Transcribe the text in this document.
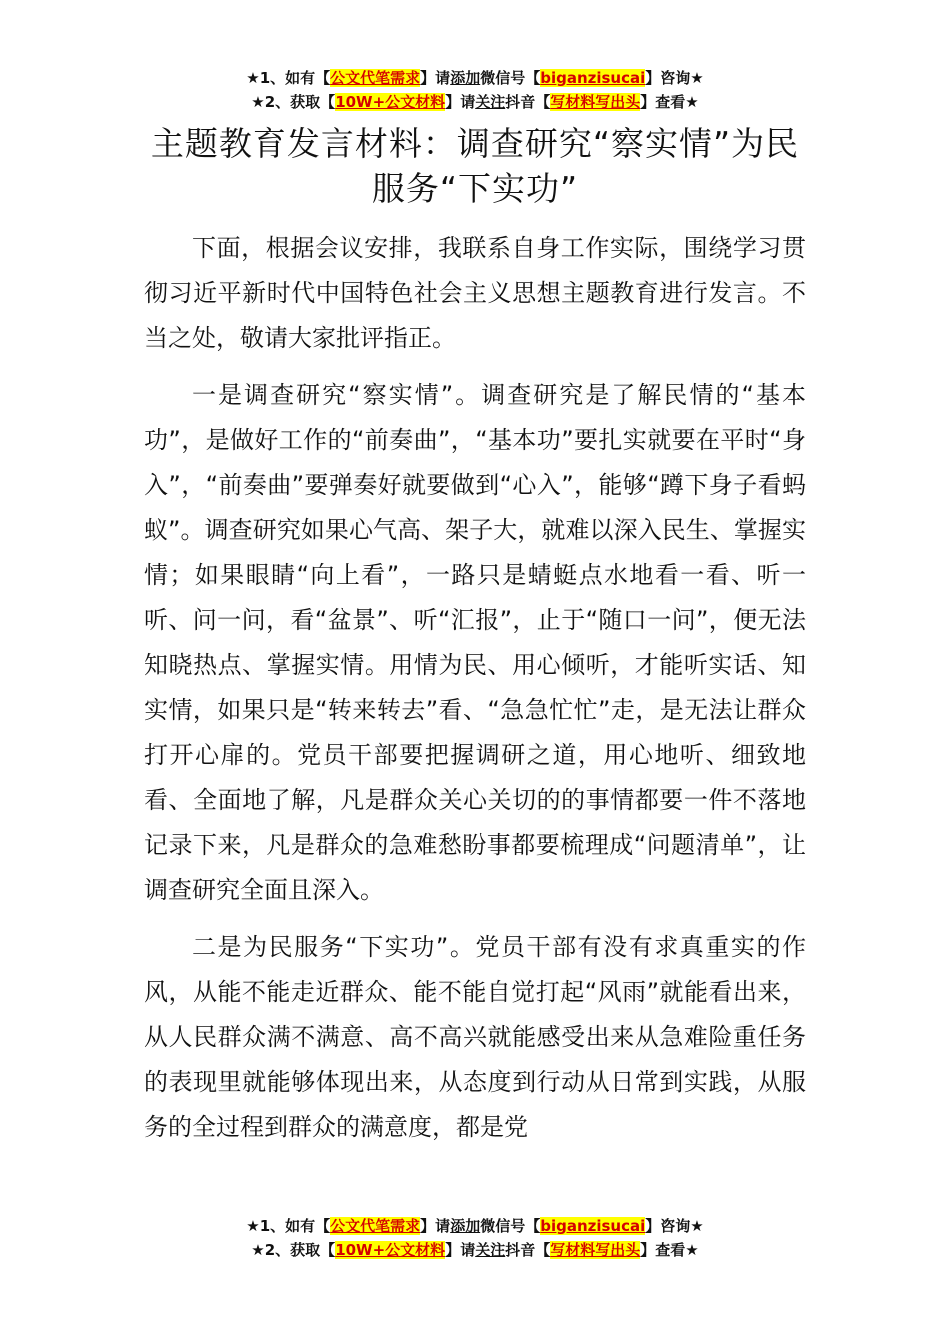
★1、如有【公文代笔需求】请添加微信号【biganzisucai】咨询★
★2、获取【10W+公文材料】请关注抖音【写材料写出头】查看★
主题教育发言材料：调查研究“察实情”为民服务“下实功”

下面，根据会议安排，我联系自身工作实际，围绕学习贯彻习近平新时代中国特色社会主义思想主题教育进行发言。不当之处，敬请大家批评指正。

一是调查研究“察实情”。调查研究是了解民情的“基本功”，是做好工作的“前奏曲”，“基本功”要扎实就要在平时“身入”，“前奏曲”要弹奏好就要做到“心入”，能够“蹲下身子看蚂蚁”。调查研究如果心气高、架子大，就难以深入民生、掌握实情；如果眼睛“向上看”，一路只是蜻蜓点水地看一看、听一听、问一问，看“盆景”、听“汇报”，止于“随口一问”，便无法知晓热点、掌握实情。用情为民、用心倾听，才能听实话、知实情，如果只是“转来转去”看、“急急忙忙”走，是无法让群众打开心扉的。党员干部要把握调研之道，用心地听、细致地看、全面地了解，凡是群众关心关切的的事情都要一件不落地记录下来，凡是群众的急难愁盼事都要梳理成“问题清单”，让调查研究全面且深入。

二是为民服务“下实功”。党员干部有没有求真重实的作风，从能不能走近群众、能不能自觉打起“风雨”就能看出来，从人民群众满不满意、高不高兴就能感受出来从急难险重任务的表现里就能够体现出来，从态度到行动从日常到实践，从服务的全过程到群众的满意度，都是党

★1、如有【公文代笔需求】请添加微信号【biganzisucai】咨询★
★2、获取【10W+公文材料】请关注抖音【写材料写出头】查看★
